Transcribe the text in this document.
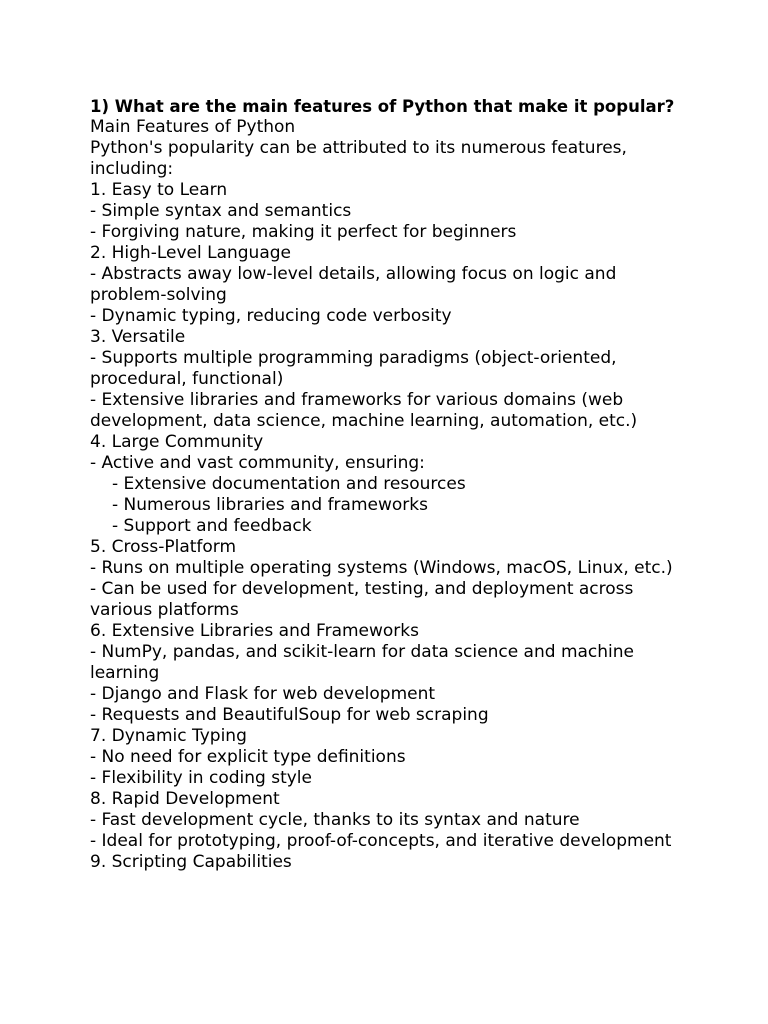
1) What are the main features of Python that make it popular?

Main Features of Python

Python's popularity can be attributed to its numerous features, including:

1. Easy to Learn

- Simple syntax and semantics

- Forgiving nature, making it perfect for beginners

2. High-Level Language

- Abstracts away low-level details, allowing focus on logic and problem-solving

- Dynamic typing, reducing code verbosity

3. Versatile

- Supports multiple programming paradigms (object-oriented, procedural, functional)

- Extensive libraries and frameworks for various domains (web development, data science, machine learning, automation, etc.)

4. Large Community

- Active and vast community, ensuring:

- Extensive documentation and resources

- Numerous libraries and frameworks

- Support and feedback

5. Cross-Platform

- Runs on multiple operating systems (Windows, macOS, Linux, etc.)

- Can be used for development, testing, and deployment across various platforms

6. Extensive Libraries and Frameworks

- NumPy, pandas, and scikit-learn for data science and machine learning

- Django and Flask for web development

- Requests and BeautifulSoup for web scraping

7. Dynamic Typing

- No need for explicit type definitions

- Flexibility in coding style

8. Rapid Development

- Fast development cycle, thanks to its syntax and nature

- Ideal for prototyping, proof-of-concepts, and iterative development

9. Scripting Capabilities
